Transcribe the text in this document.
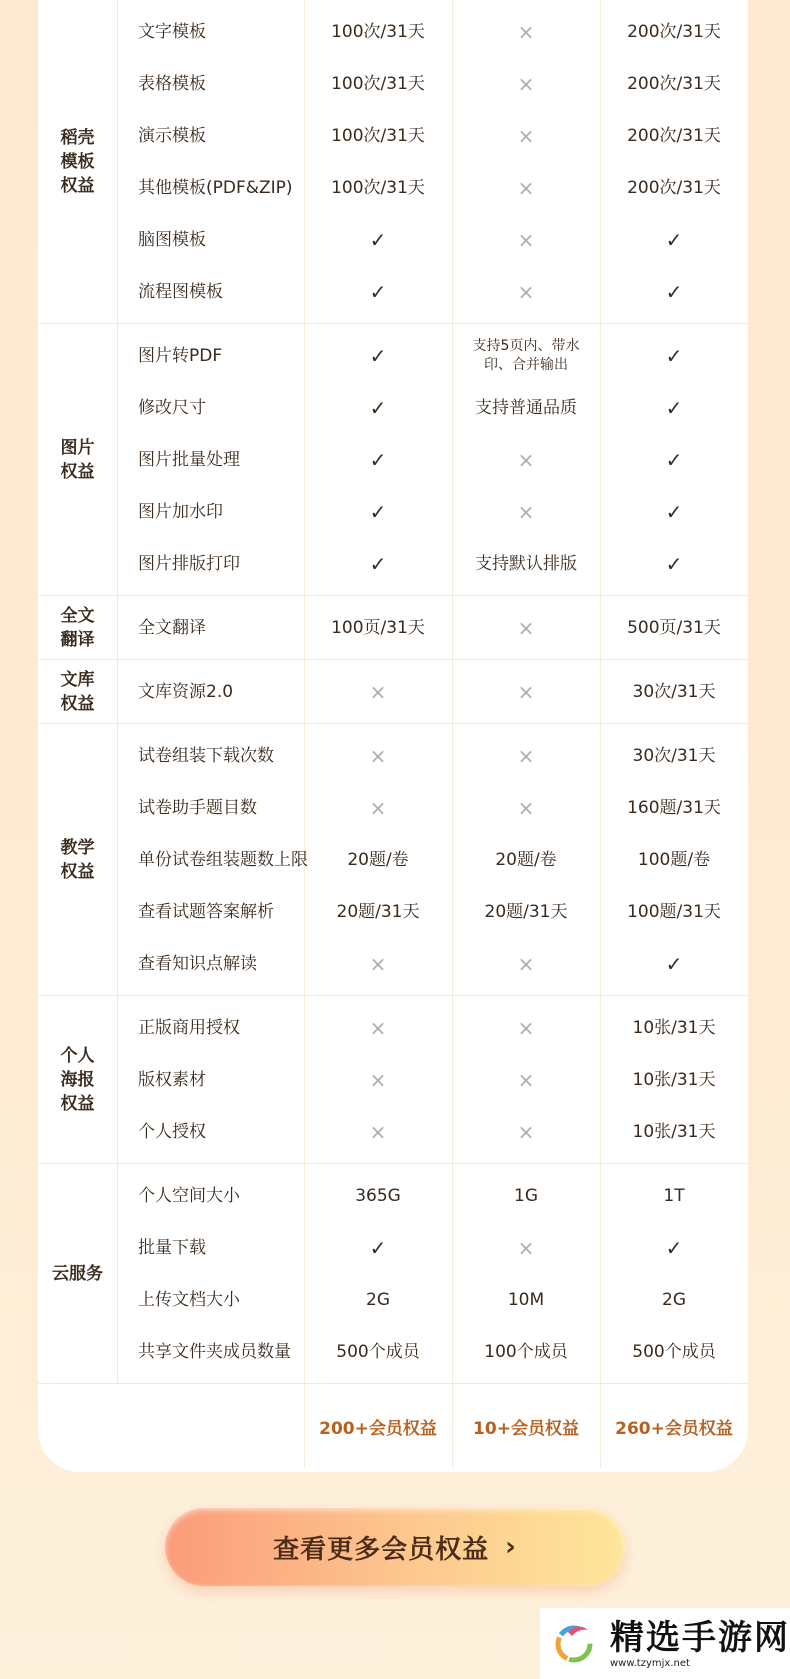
稻壳
模板
权益
文字模板	100次/31天	×	200次/31天
表格模板	100次/31天	×	200次/31天
演示模板	100次/31天	×	200次/31天
其他模板(PDF&ZIP)	100次/31天	×	200次/31天
脑图模板	✓	×	✓
流程图模板	✓	×	✓
图片
权益
图片转PDF	✓	支持5页内、带水印、合并输出	✓
修改尺寸	✓	支持普通品质	✓
图片批量处理	✓	×	✓
图片加水印	✓	×	✓
图片排版打印	✓	支持默认排版	✓
全文
翻译
全文翻译	100页/31天	×	500页/31天
文库
权益
文库资源2.0	×	×	30次/31天
教学
权益
试卷组装下载次数	×	×	30次/31天
试卷助手题目数	×	×	160题/31天
单份试卷组装题数上限	20题/卷	20题/卷	100题/卷
查看试题答案解析	20题/31天	20题/31天	100题/31天
查看知识点解读	×	×	✓
个人
海报
权益
正版商用授权	×	×	10张/31天
版权素材	×	×	10张/31天
个人授权	×	×	10张/31天
云服务
个人空间大小	365G	1G	1T
批量下载	✓	×	✓
上传文档大小	2G	10M	2G
共享文件夹成员数量	500个成员	100个成员	500个成员
200+会员权益	10+会员权益	260+会员权益
查看更多会员权益 ›
精选手游网
www.tzymjx.net
